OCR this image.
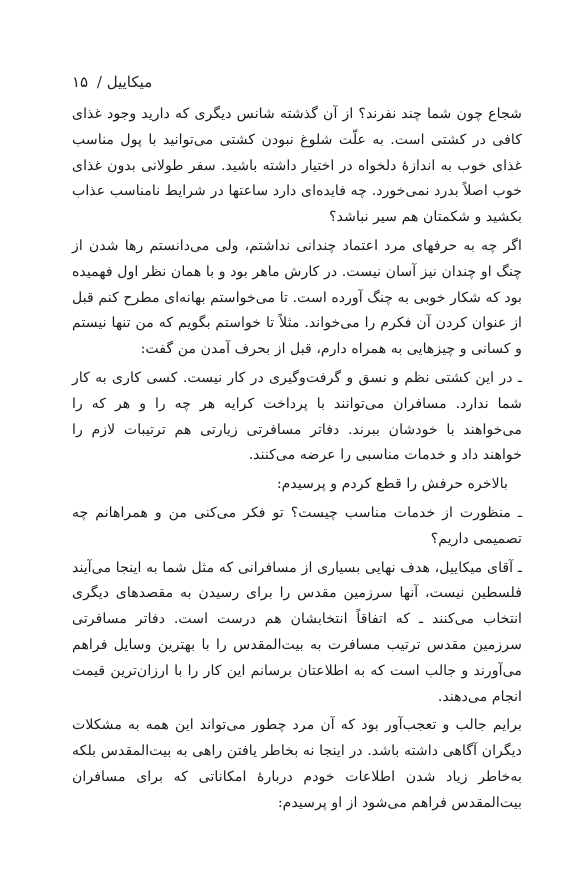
۱۵ / میکاییل

شجاع چون شما چند نفرند؟ از آن گذشته شانس دیگری که دارید وجود غذای کافی در کشتی است. به علّت شلوغ نبودن کشتی می‌توانید با پول مناسب غذای خوب به اندازهٔ دلخواه در اختیار داشته باشید. سفر طولانی بدون غذای خوب اصلاً بدرد نمی‌خورد. چه فایده‌ای دارد ساعتها در شرایط نامناسب عذاب بکشید و شکمتان هم سیر نباشد؟

اگر چه به حرفهای مرد اعتماد چندانی نداشتم، ولی می‌دانستم رها شدن از چنگ او چندان نیز آسان نیست. در کارش ماهر بود و با همان نظر اول فهمیده بود که شکار خوبی به چنگ آورده است. تا می‌خواستم بهانه‌ای مطرح کنم قبل از عنوان کردن آن فکرم را می‌خواند. مثلاً تا خواستم بگویم که من تنها نیستم و کسانی و چیزهایی به همراه دارم، قبل از بحرف آمدن من گفت:

ـ در این کشتی نظم و نسق و گرفت‌وگیری در کار نیست. کسی کاری به کار شما ندارد. مسافران می‌توانند با پرداخت کرایه هر چه را و هر که را می‌خواهند با خودشان ببرند. دفاتر مسافرتی زیارتی هم ترتیبات لازم را خواهند داد و خدمات مناسبی را عرضه می‌کنند.

بالاخره حرفش را قطع کردم و پرسیدم:

ـ منظورت از خدمات مناسب چیست؟ تو فکر می‌کنی من و همراهانم چه تصمیمی داریم؟

ـ آقای میکاییل، هدف نهایی بسیاری از مسافرانی که مثل شما به اینجا می‌آیند فلسطین نیست، آنها سرزمین مقدس را برای رسیدن به مقصدهای دیگری انتخاب می‌کنند ـ که اتفاقاً انتخابشان هم درست است. دفاتر مسافرتی سرزمین مقدس ترتیب مسافرت به بیت‌المقدس را با بهترین وسایل فراهم می‌آورند و جالب است که به اطلاعتان برسانم این کار را با ارزان‌ترین قیمت انجام می‌دهند.

برایم جالب و تعجب‌آور بود که آن مرد چطور می‌تواند این همه به مشکلات دیگران آگاهی داشته باشد. در اینجا نه بخاطر یافتن راهی به بیت‌المقدس بلکه به‌خاطر زیاد شدن اطلاعات خودم دربارهٔ امکاناتی که برای مسافران بیت‌المقدس فراهم می‌شود از او پرسیدم:
